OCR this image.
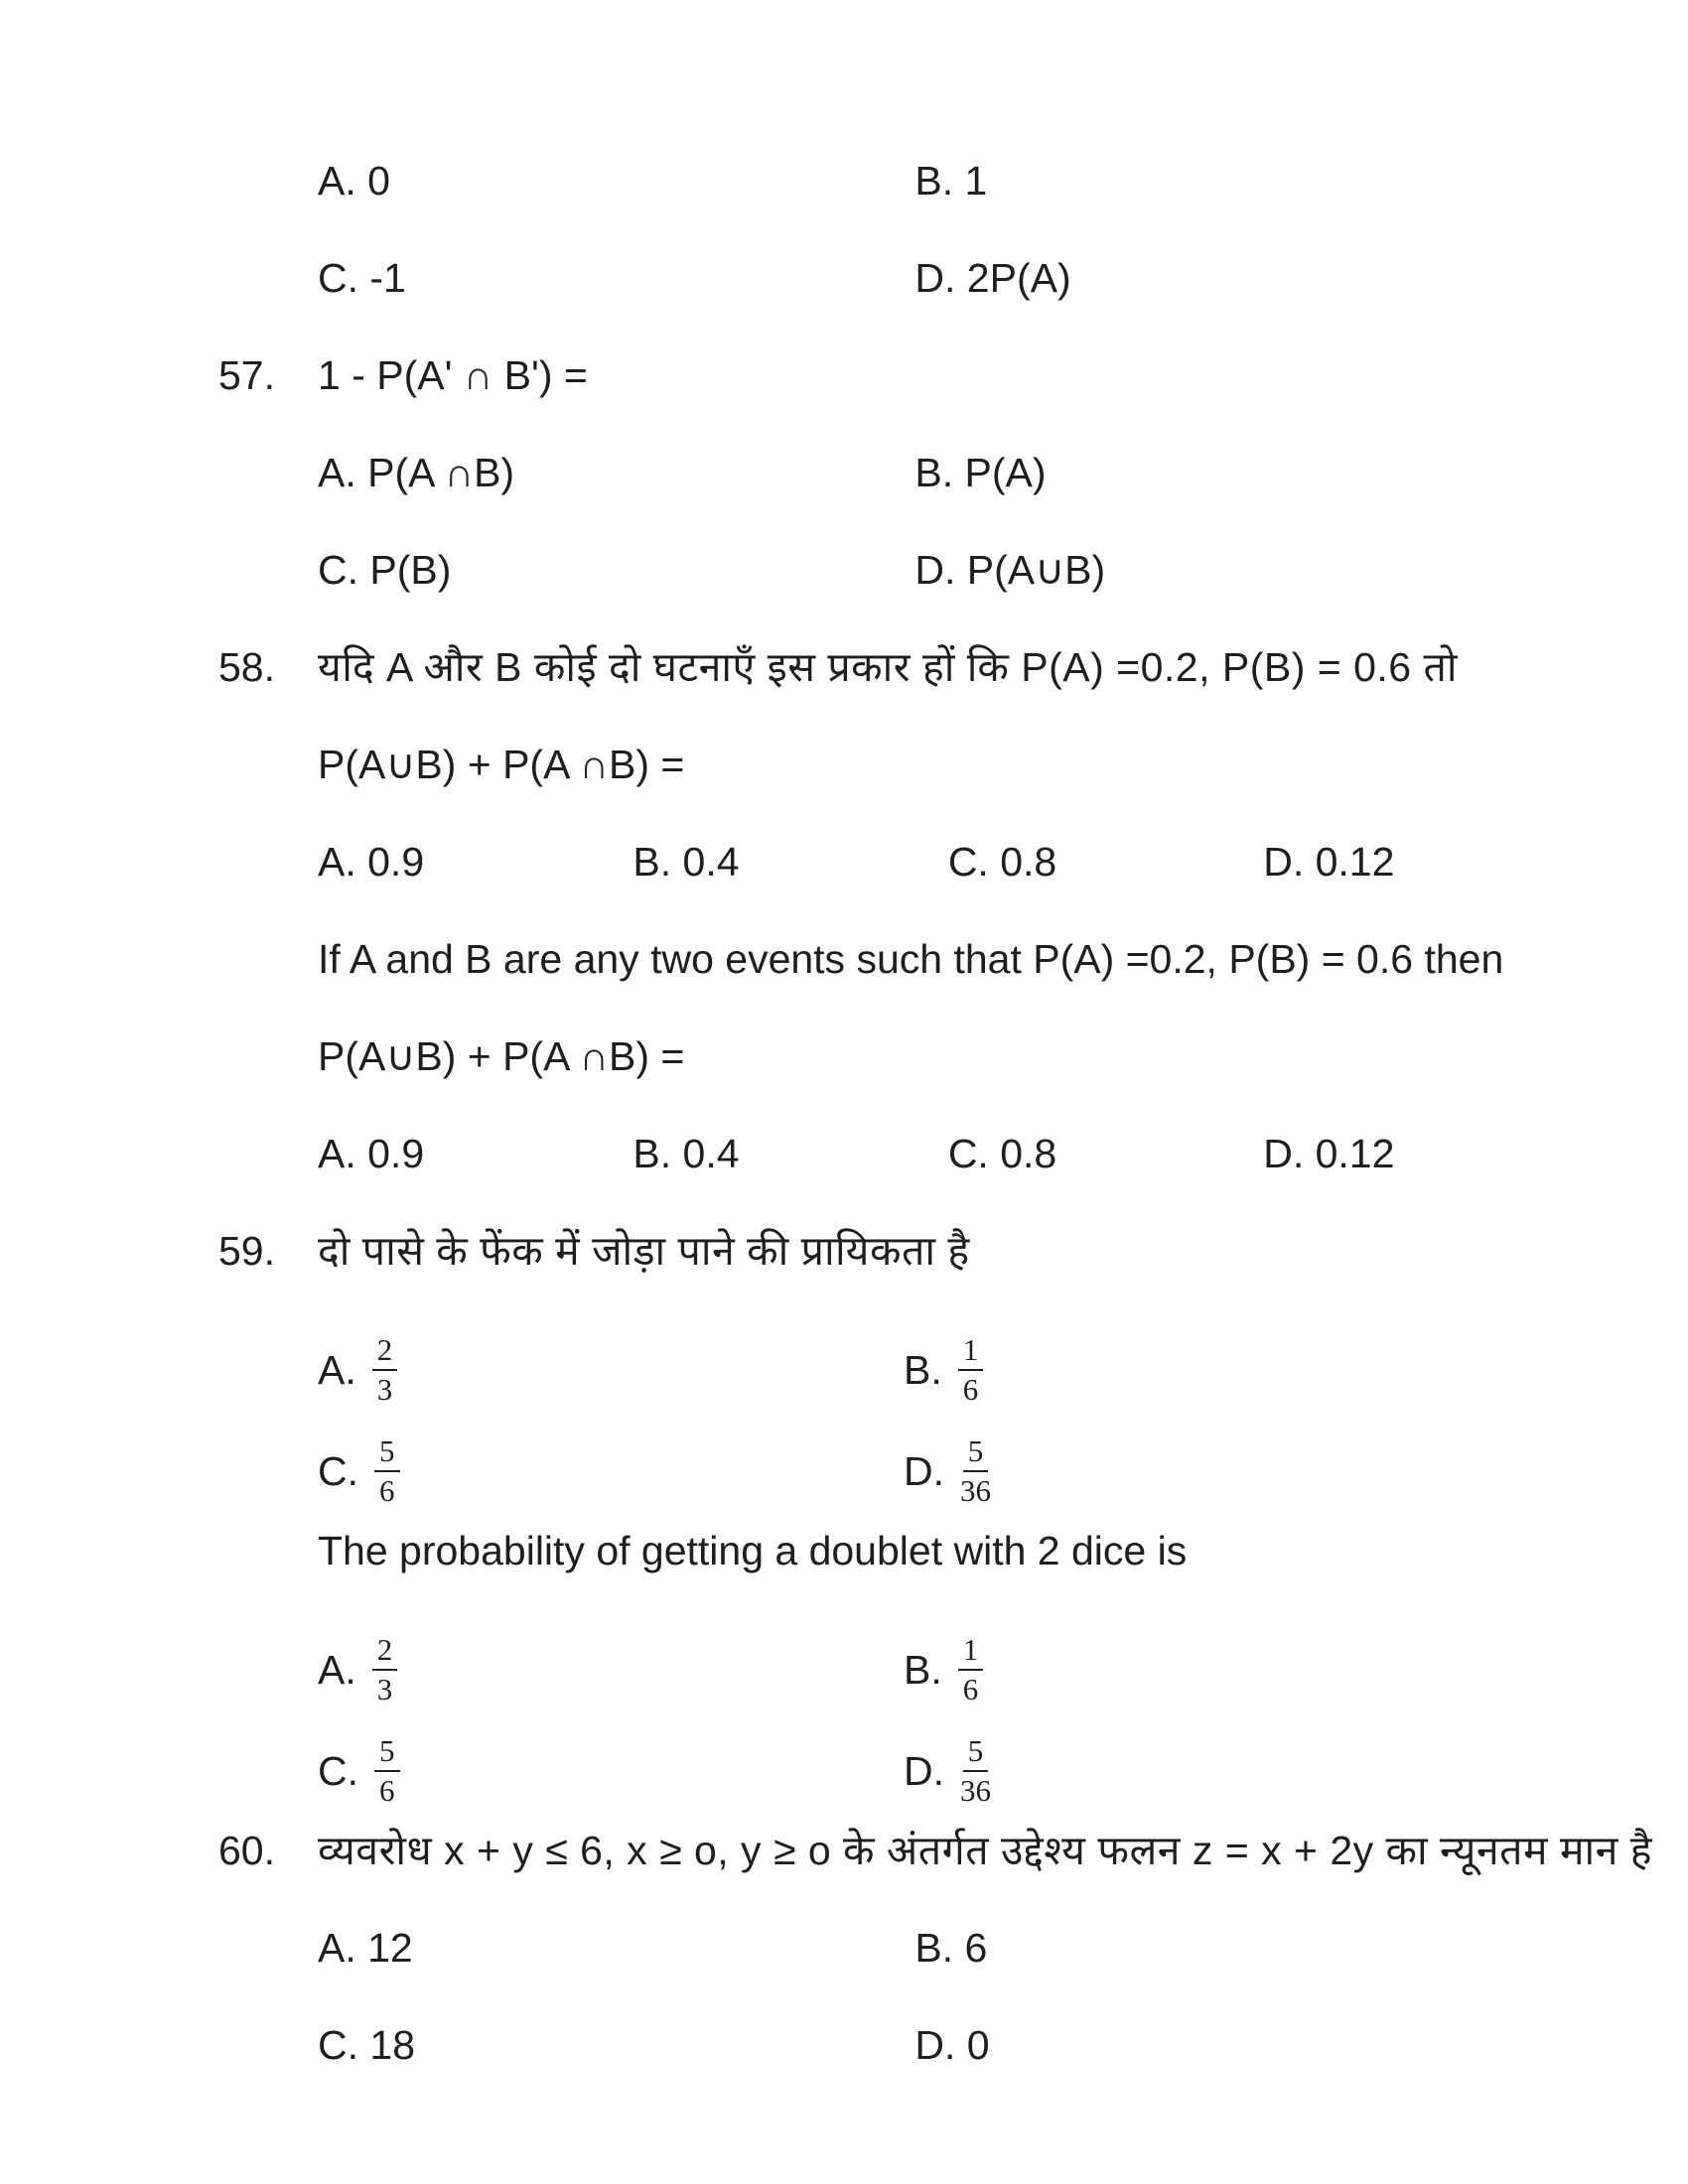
A. 0	B. 1
C. -1	D. 2P(A)
57.	1 - P(A' ∩ B') =
A. P(A ∩B)	B. P(A)
C. P(B)	D. P(A∪B)
58.	यदि A और B कोई दो घटनाएँ इस प्रकार हों कि P(A) =0.2, P(B) = 0.6 तो
P(A∪B) + P(A ∩B) =
A. 0.9	B. 0.4	C. 0.8	D. 0.12
If A and B are any two events such that P(A) =0.2, P(B) = 0.6 then
P(A∪B) + P(A ∩B) =
A. 0.9	B. 0.4	C. 0.8	D. 0.12
59.	दो पासे के फेंक में जोड़ा पाने की प्रायिकता है
A. $\frac{2}{3}$	B. $\frac{1}{6}$
C. $\frac{5}{6}$	D. $\frac{5}{36}$
The probability of getting a doublet with 2 dice is
A. $\frac{2}{3}$	B. $\frac{1}{6}$
C. $\frac{5}{6}$	D. $\frac{5}{36}$
60.	व्यवरोध x + y ≤ 6, x ≥ o, y ≥ o के अंतर्गत उद्देश्य फलन z = x + 2y का न्यूनतम मान है
A. 12	B. 6
C. 18	D. 0
